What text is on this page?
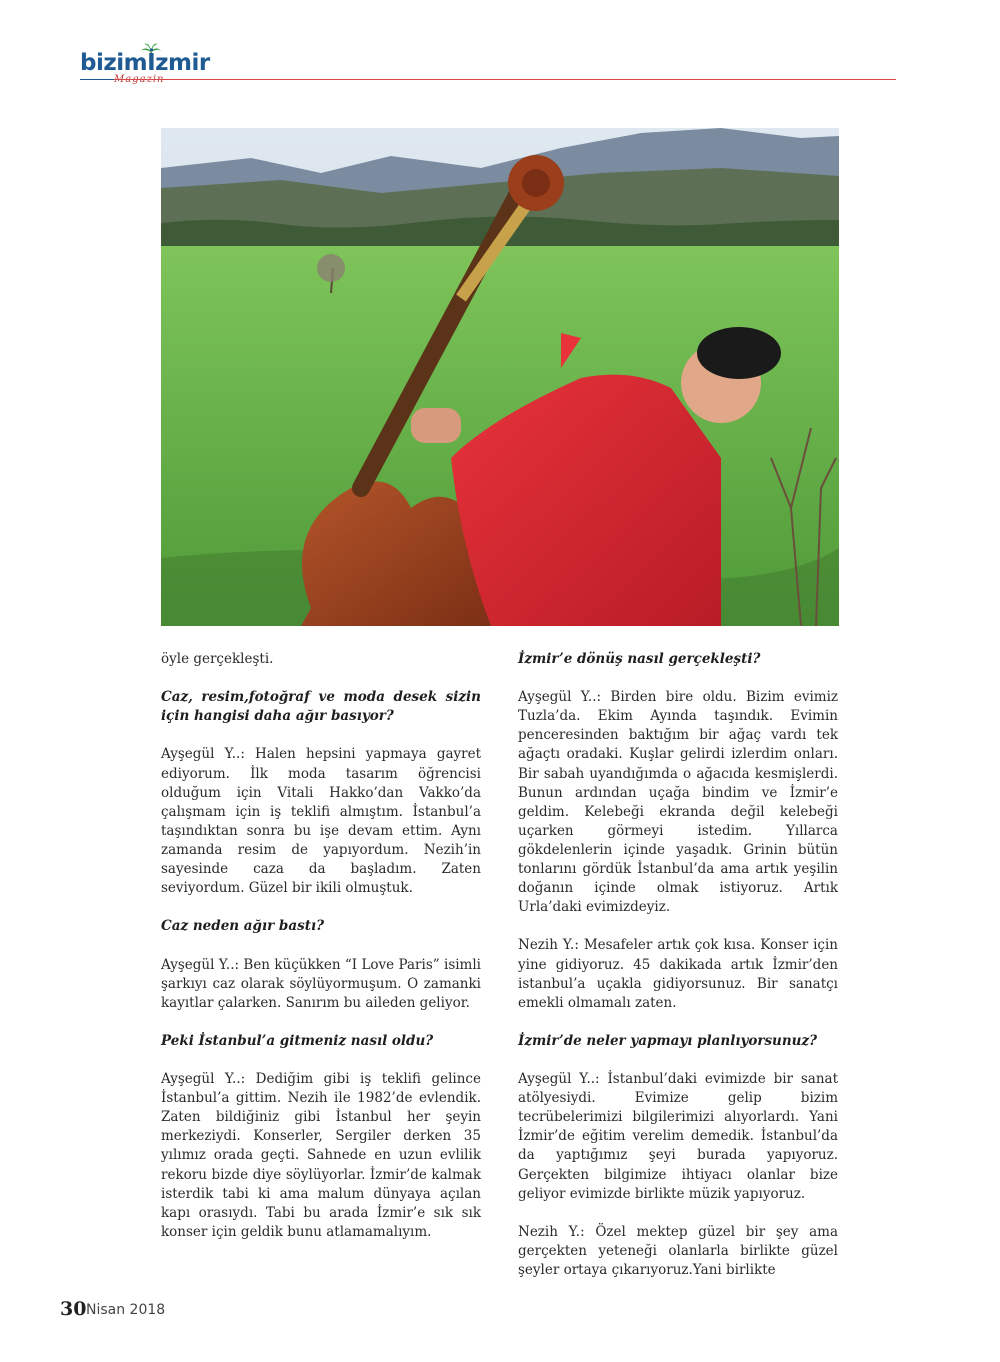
bizimİzmir

öyle gerçekleşti.

Caz, resim,fotoğraf ve moda desek sizin için hangisi daha ağır basıyor?

Ayşegül Y..: Halen hepsini yapmaya gayret ediyorum. İlk moda tasarım öğrencisi olduğum için Vitali Hakko’dan Vakko’da çalışmam için iş teklifi almıştım. İstanbul’a taşındıktan sonra bu işe devam ettim. Aynı zamanda resim de yapıyordum. Nezih’in sayesinde caza da başladım. Zaten seviyordum. Güzel bir ikili olmuştuk.

Caz neden ağır bastı?

Ayşegül Y..: Ben küçükken “I Love Paris” isimli şarkıyı caz olarak söylüyormuşum. O zamanki kayıtlar çalarken. Sanırım bu aileden geliyor.

Peki İstanbul’a gitmeniz nasıl oldu?

Ayşegül Y..: Dediğim gibi iş teklifi gelince İstanbul’a gittim. Nezih ile 1982’de evlendik. Zaten bildiğiniz gibi İstanbul her şeyin merkeziydi. Konserler, Sergiler derken 35 yılımız orada geçti. Sahnede en uzun evlilik rekoru bizde diye söylüyorlar. İzmir’de kalmak isterdik tabi ki ama malum dünyaya açılan kapı orasıydı. Tabi bu arada İzmir’e sık sık konser için geldik bunu atlamamalıyım.

İzmir’e dönüş nasıl gerçekleşti?

Ayşegül Y..: Birden bire oldu. Bizim evimiz Tuzla’da. Ekim Ayında taşındık. Evimin penceresinden baktığım bir ağaç vardı tek ağaçtı oradaki. Kuşlar gelirdi izlerdim onları. Bir sabah uyandığımda o ağacıda kesmişlerdi. Bunun ardından uçağa bindim ve İzmir’e geldim. Kelebeği ekranda değil kelebeği uçarken görmeyi istedim. Yıllarca gökdelenlerin içinde yaşadık. Grinin bütün tonlarını gördük İstanbul’da ama artık yeşilin doğanın içinde olmak istiyoruz. Artık Urla’daki evimizdeyiz.

Nezih Y.: Mesafeler artık çok kısa. Konser için yine gidiyoruz. 45 dakikada artık İzmir’den istanbul’a uçakla gidiyorsunuz. Bir sanatçı emekli olmamalı zaten.

İzmir’de neler yapmayı planlıyorsunuz?

Ayşegül Y..: İstanbul’daki evimizde bir sanat atölyesiydi. Evimize gelip bizim tecrübelerimizi bilgilerimizi alıyorlardı. Yani İzmir’de eğitim verelim demedik. İstanbul’da da yaptığımız şeyi burada yapıyoruz. Gerçekten bilgimize ihtiyacı olanlar bize geliyor evimizde birlikte müzik yapıyoruz.

Nezih Y.: Özel mektep güzel bir şey ama gerçekten yeteneği olanlarla birlikte güzel şeyler ortaya çıkarıyoruz.Yani birlikte

30 Nisan 2018
